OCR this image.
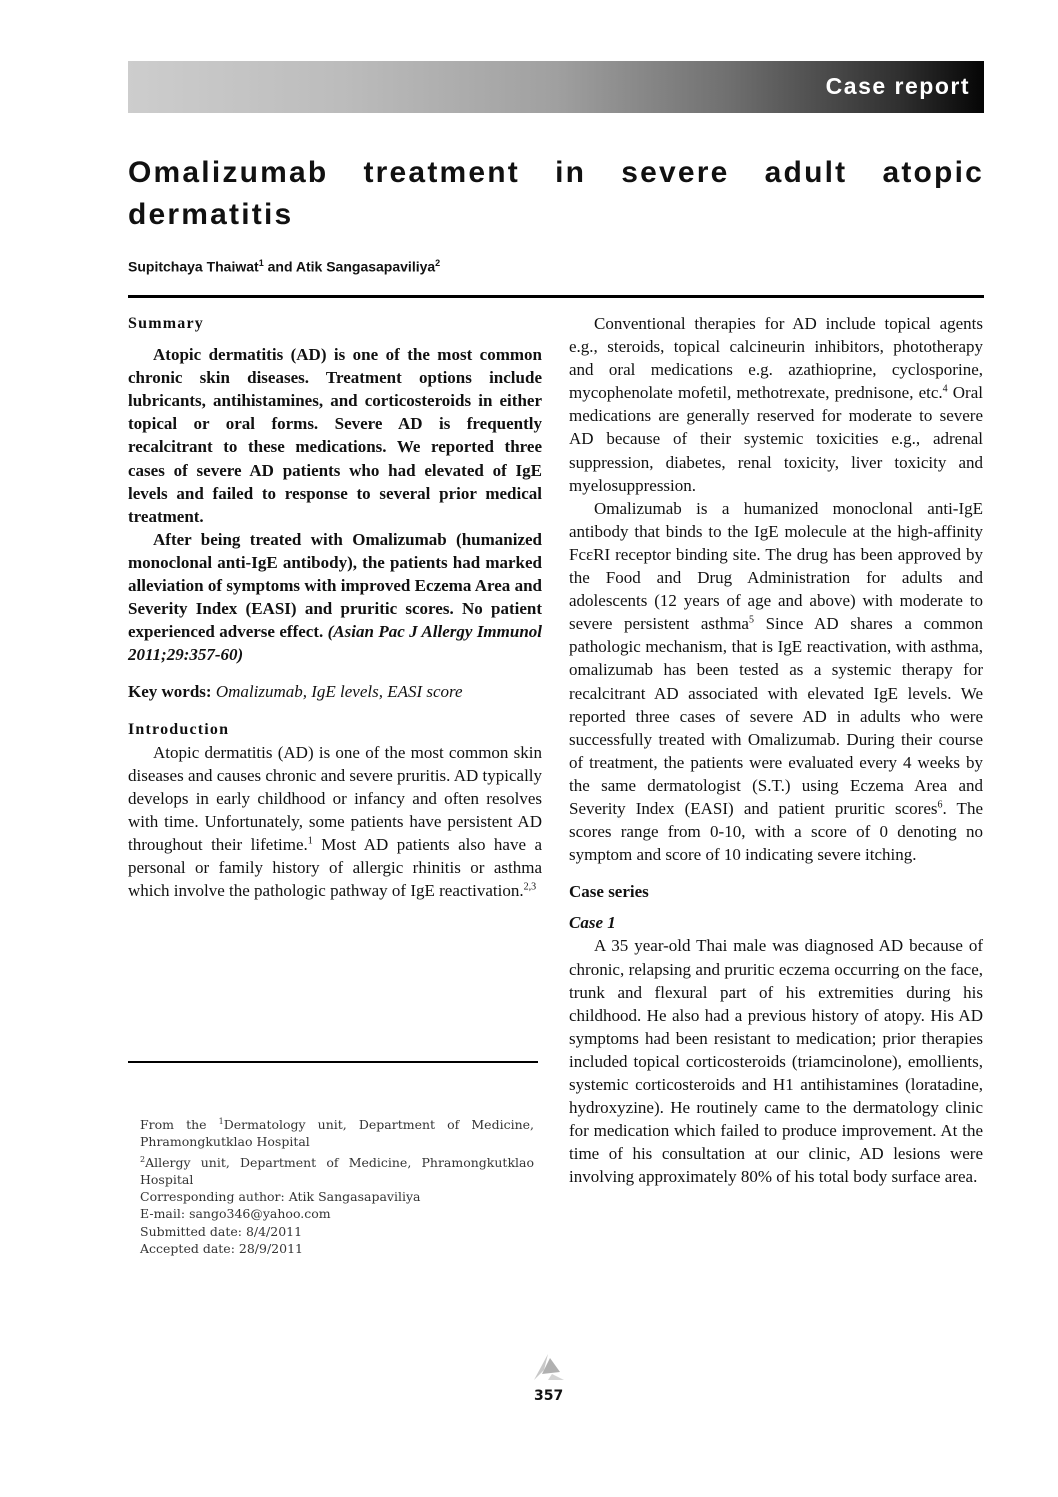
Case report
Omalizumab treatment in severe adult atopic dermatitis
Supitchaya Thaiwat$^1$ and Atik Sangasapaviliya$^2$

Summary

Atopic dermatitis (AD) is one of the most common chronic skin diseases. Treatment options include lubricants, antihistamines, and corticosteroids in either topical or oral forms. Severe AD is frequently recalcitrant to these medications. We reported three cases of severe AD patients who had elevated of IgE levels and failed to response to several prior medical treatment.

After being treated with Omalizumab (humanized monoclonal anti-IgE antibody), the patients had marked alleviation of symptoms with improved Eczema Area and Severity Index (EASI) and pruritic scores. No patient experienced adverse effect. (Asian Pac J Allergy Immunol 2011;29:357-60)

Key words: Omalizumab, IgE levels, EASI score

Introduction

Atopic dermatitis (AD) is one of the most common skin diseases and causes chronic and severe pruritis. AD typically develops in early childhood or infancy and often resolves with time. Unfortunately, some patients have persistent AD throughout their lifetime.$^1$ Most AD patients also have a personal or family history of allergic rhinitis or asthma which involve the pathologic pathway of IgE reactivation.$^{2,3}$

From the $^1$Dermatology unit, Department of Medicine, Phramongkutklao Hospital

$^2$Allergy unit, Department of Medicine, Phramongkutklao Hospital

Corresponding author: Atik Sangasapaviliya

E-mail: sango346@yahoo.com

Submitted date: 8/4/2011

Accepted date: 28/9/2011

Conventional therapies for AD include topical agents e.g., steroids, topical calcineurin inhibitors, phototherapy and oral medications e.g. azathioprine, cyclosporine, mycophenolate mofetil, methotrexate, prednisone, etc.$^4$ Oral medications are generally reserved for moderate to severe AD because of their systemic toxicities e.g., adrenal suppression, diabetes, renal toxicity, liver toxicity and myelosuppression.

Omalizumab is a humanized monoclonal anti-IgE antibody that binds to the IgE molecule at the high-affinity FcεRI receptor binding site. The drug has been approved by the Food and Drug Administration for adults and adolescents (12 years of age and above) with moderate to severe persistent asthma$^5$ Since AD shares a common pathologic mechanism, that is IgE reactivation, with asthma, omalizumab has been tested as a systemic therapy for recalcitrant AD associated with elevated IgE levels. We reported three cases of severe AD in adults who were successfully treated with Omalizumab. During their course of treatment, the patients were evaluated every 4 weeks by the same dermatologist (S.T.) using Eczema Area and Severity Index (EASI) and patient pruritic scores$^6$. The scores range from 0-10, with a score of 0 denoting no symptom and score of 10 indicating severe itching.

Case series

Case 1

A 35 year-old Thai male was diagnosed AD because of chronic, relapsing and pruritic eczema occurring on the face, trunk and flexural part of his extremities during his childhood. He also had a previous history of atopy. His AD symptoms had been resistant to medication; prior therapies included topical corticosteroids (triamcinolone), emollients, systemic corticosteroids and H1 antihistamines (loratadine, hydroxyzine). He routinely came to the dermatology clinic for medication which failed to produce improvement. At the time of his consultation at our clinic, AD lesions were involving approximately 80% of his total body surface area.

357
